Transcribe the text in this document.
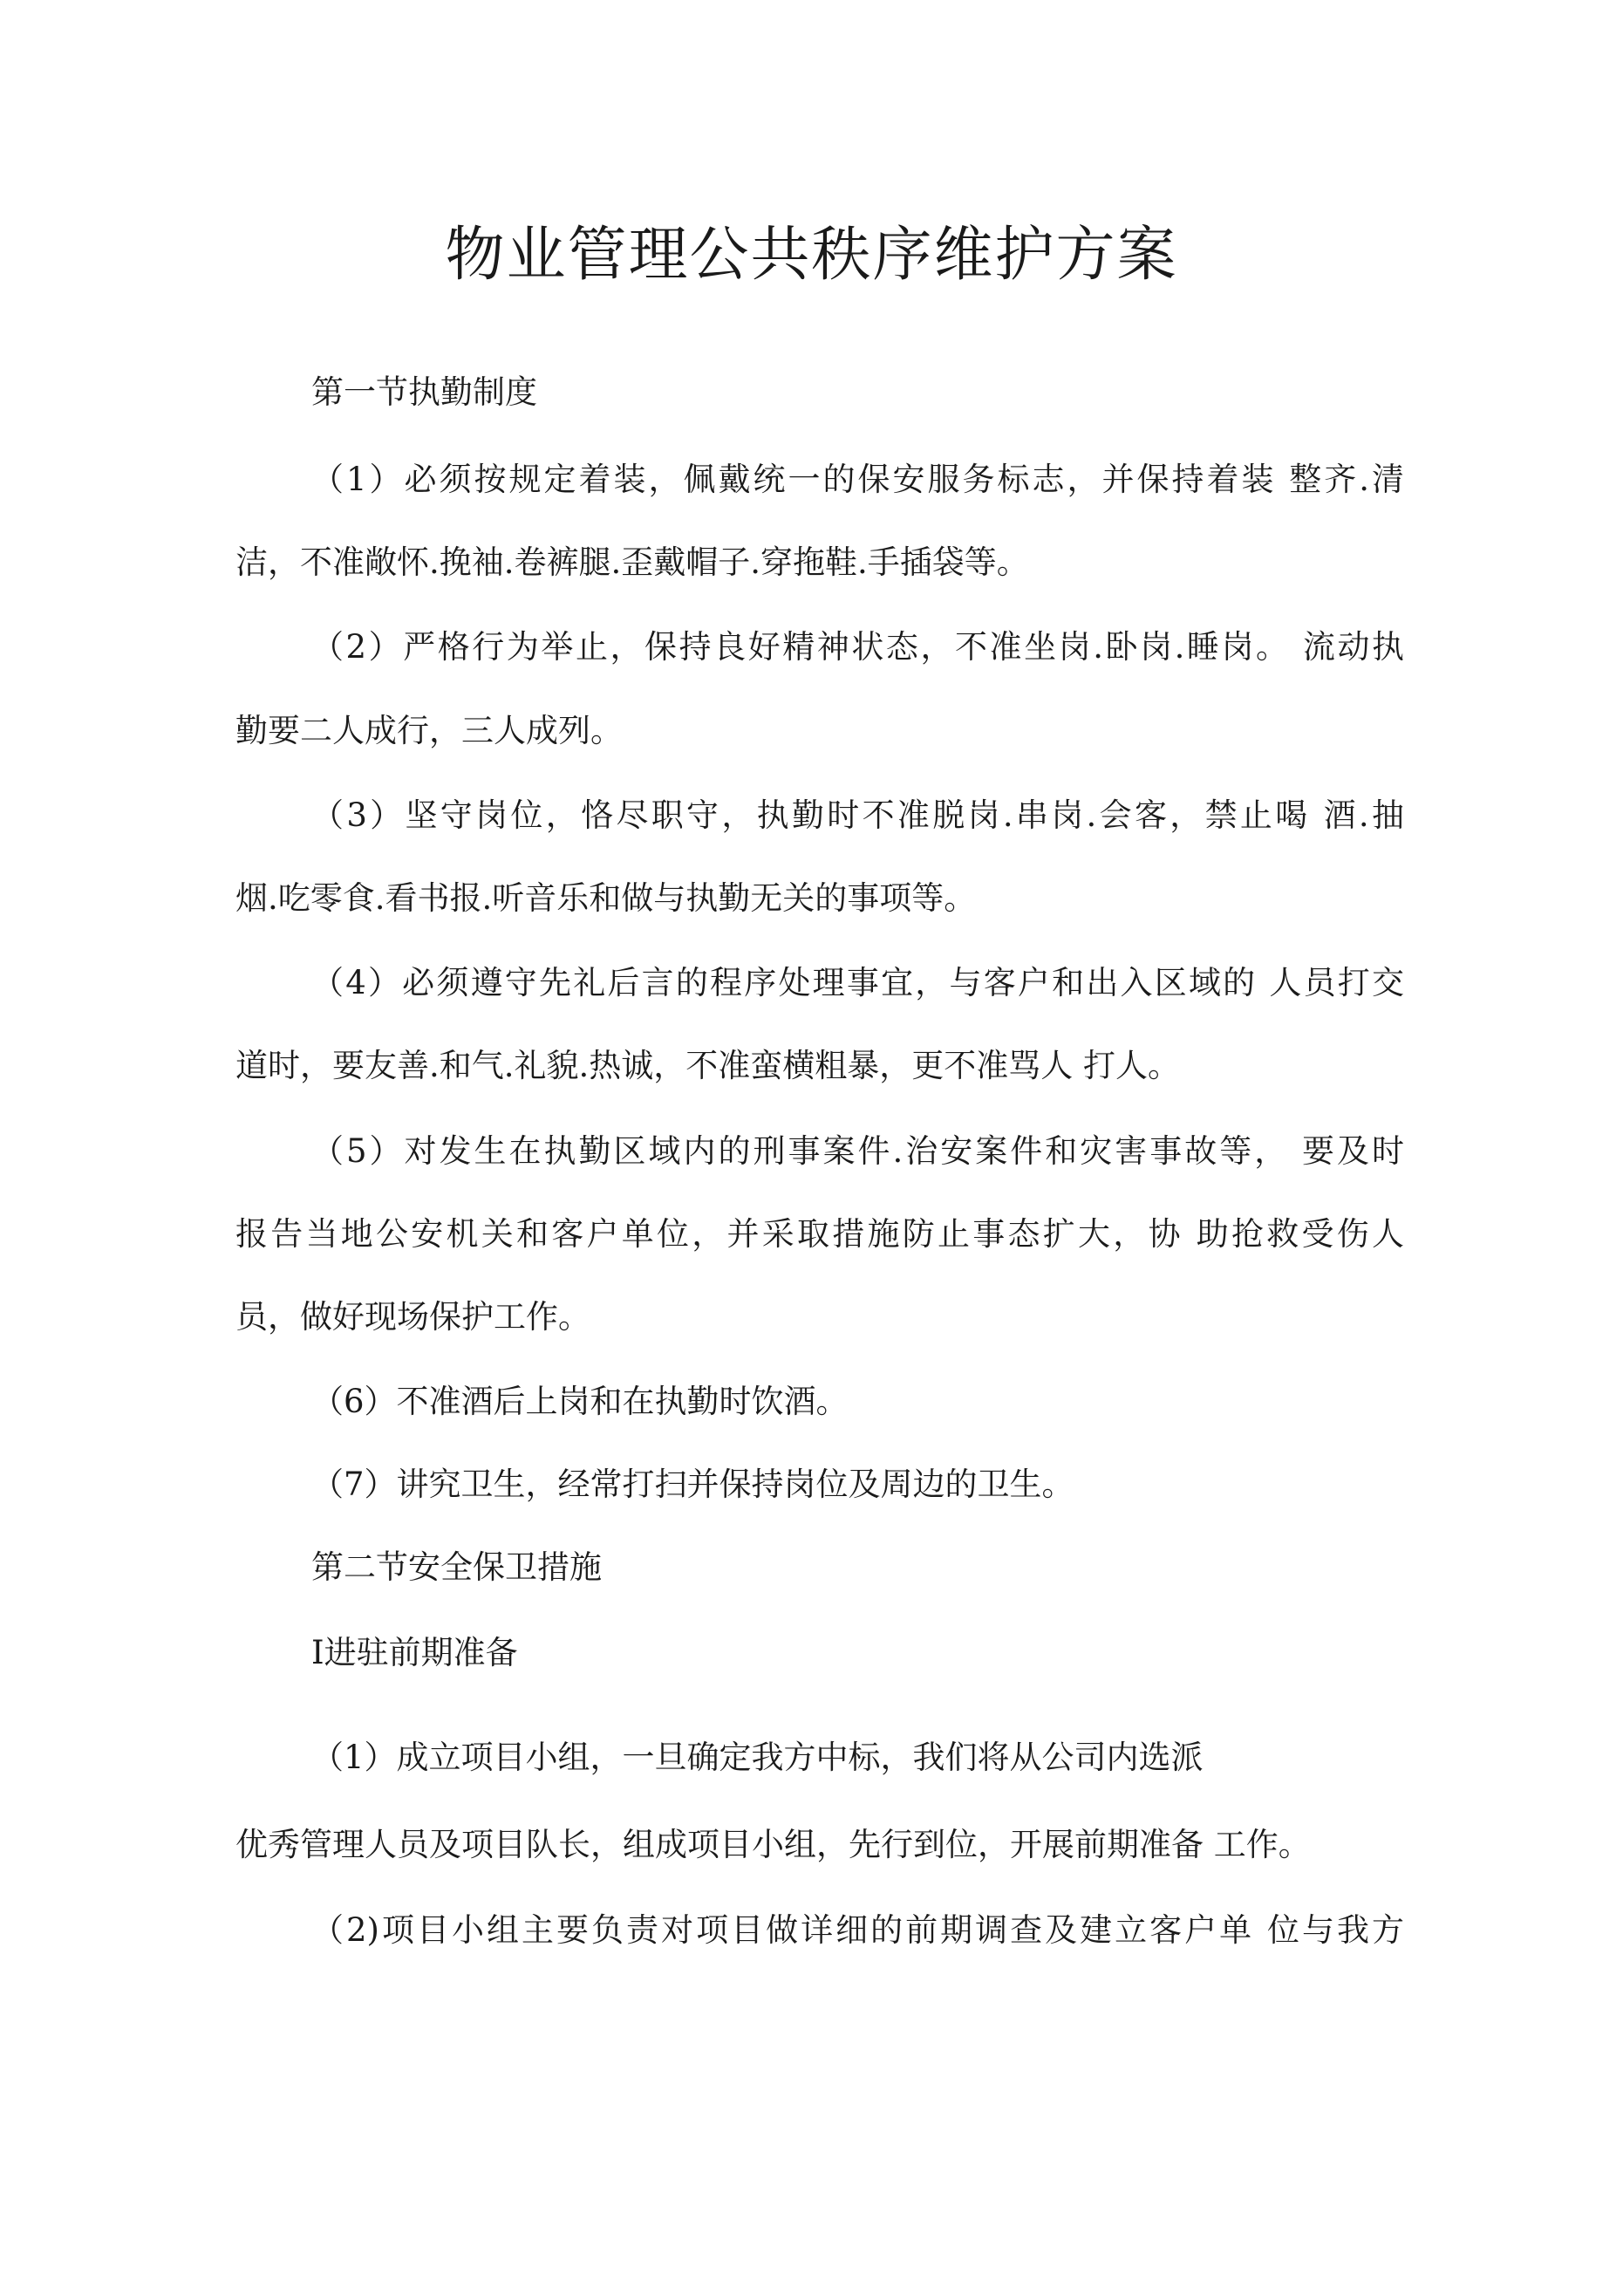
物业管理公共秩序维护方案
第一节执勤制度
（1）必须按规定着装，佩戴统一的保安服务标志，并保持着装 整齐.清
洁，不准敞怀.挽袖.卷裤腿.歪戴帽子.穿拖鞋.手插袋等。
（2）严格行为举止，保持良好精神状态，不准坐岗.卧岗.睡岗。 流动执
勤要二人成行，三人成列。
（3）坚守岗位，恪尽职守，执勤时不准脱岗.串岗.会客，禁止喝 酒.抽
烟.吃零食.看书报.听音乐和做与执勤无关的事项等。
（4）必须遵守先礼后言的程序处理事宜，与客户和出入区域的 人员打交
道时，要友善.和气.礼貌.热诚，不准蛮横粗暴，更不准骂人 打人。
（5）对发生在执勤区域内的刑事案件.治安案件和灾害事故等， 要及时
报告当地公安机关和客户单位，并采取措施防止事态扩大，协 助抢救受伤人
员，做好现场保护工作。
（6）不准酒后上岗和在执勤时饮酒。
（7）讲究卫生，经常打扫并保持岗位及周边的卫生。
第二节安全保卫措施
I进驻前期准备
（1）成立项目小组，一旦确定我方中标，我们将从公司内选派
优秀管理人员及项目队长，组成项目小组，先行到位，开展前期准备 工作。
（2)项目小组主要负责对项目做详细的前期调查及建立客户单 位与我方
